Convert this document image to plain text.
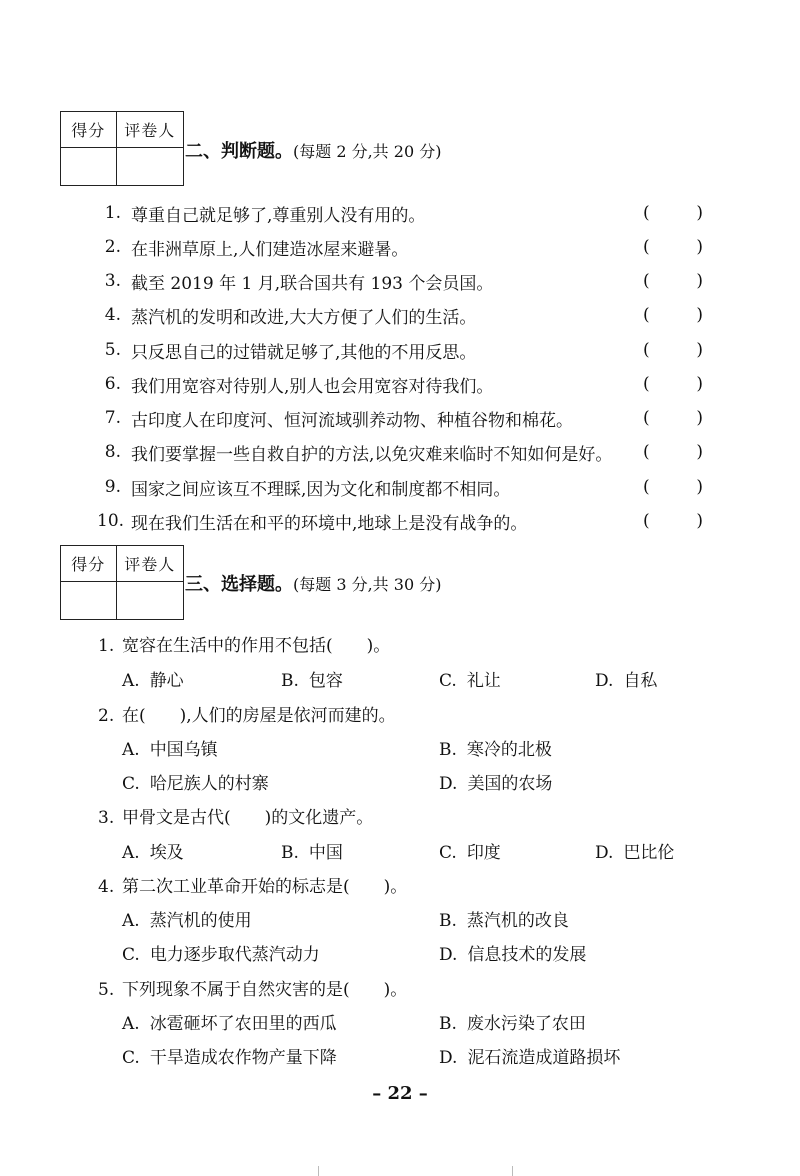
得分	评卷人
二、判断题。(每题 2 分,共 20 分)
1. 尊重自己就足够了,尊重别人没有用的。	(	)
2. 在非洲草原上,人们建造冰屋来避暑。	(	)
3. 截至 2019 年 1 月,联合国共有 193 个会员国。	(	)
4. 蒸汽机的发明和改进,大大方便了人们的生活。	(	)
5. 只反思自己的过错就足够了,其他的不用反思。	(	)
6. 我们用宽容对待别人,别人也会用宽容对待我们。	(	)
7. 古印度人在印度河、恒河流域驯养动物、种植谷物和棉花。	(	)
8. 我们要掌握一些自救自护的方法,以免灾难来临时不知如何是好。	(	)
9. 国家之间应该互不理睬,因为文化和制度都不相同。	(	)
10. 现在我们生活在和平的环境中,地球上是没有战争的。	(	)
得分	评卷人
三、选择题。(每题 3 分,共 30 分)
1. 宽容在生活中的作用不包括(　　)。
A. 静心	B. 包容	C. 礼让	D. 自私
2. 在(　　),人们的房屋是依河而建的。
A. 中国乌镇	B. 寒冷的北极
C. 哈尼族人的村寨	D. 美国的农场
3. 甲骨文是古代(　　)的文化遗产。
A. 埃及	B. 中国	C. 印度	D. 巴比伦
4. 第二次工业革命开始的标志是(　　)。
A. 蒸汽机的使用	B. 蒸汽机的改良
C. 电力逐步取代蒸汽动力	D. 信息技术的发展
5. 下列现象不属于自然灾害的是(　　)。
A. 冰雹砸坏了农田里的西瓜	B. 废水污染了农田
C. 干旱造成农作物产量下降	D. 泥石流造成道路损坏
– 22 –
